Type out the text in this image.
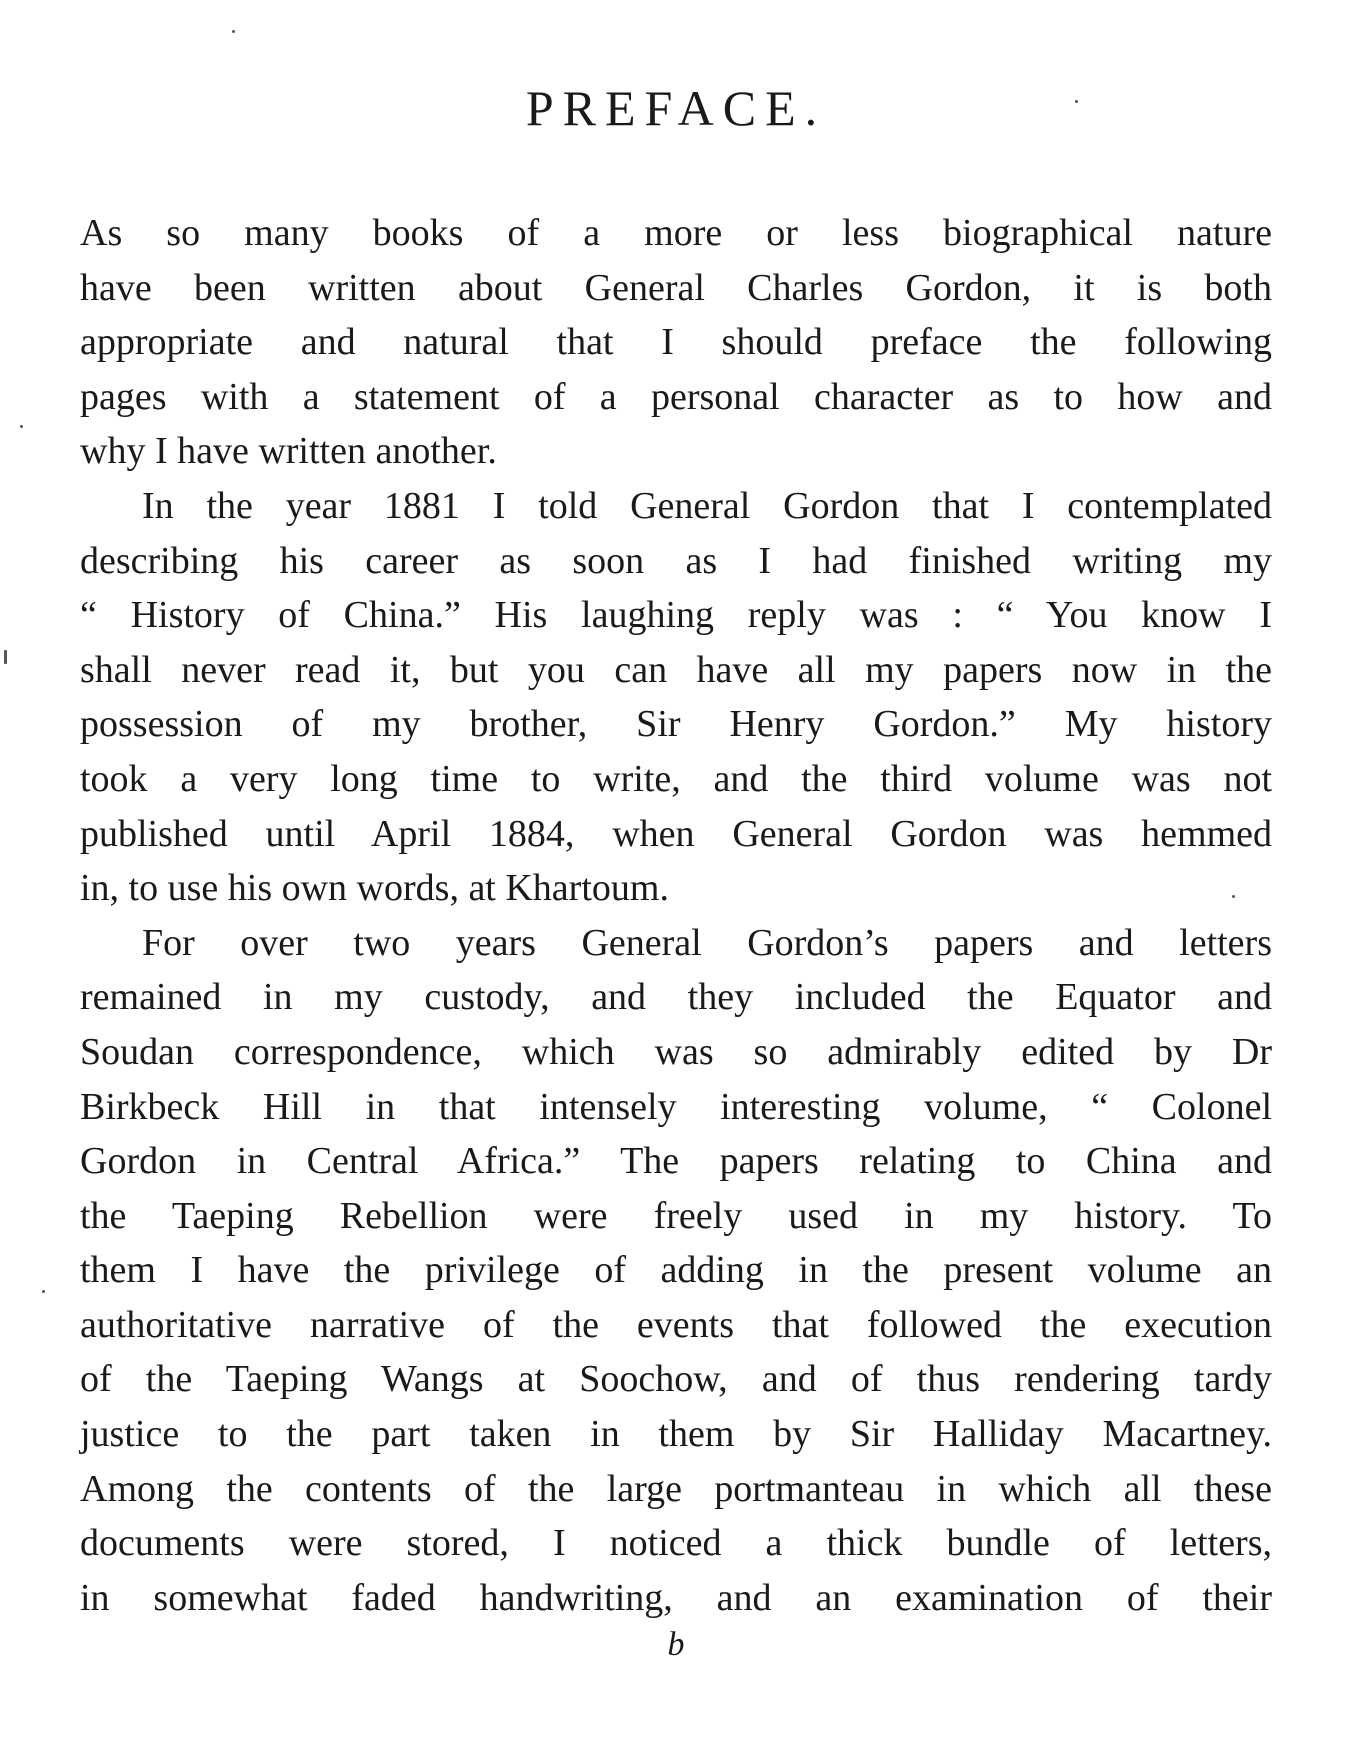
PREFACE.

As so many books of a more or less biographical nature
have been written about General Charles Gordon, it is both
appropriate and natural that I should preface the following
pages with a statement of a personal character as to how and
why I have written another.

In the year 1881 I told General Gordon that I contemplated
describing his career as soon as I had finished writing my
“ History of China.” His laughing reply was : “ You know I
shall never read it, but you can have all my papers now in the
possession of my brother, Sir Henry Gordon.” My history
took a very long time to write, and the third volume was not
published until April 1884, when General Gordon was hemmed
in, to use his own words, at Khartoum.

For over two years General Gordon’s papers and letters
remained in my custody, and they included the Equator and
Soudan correspondence, which was so admirably edited by Dr
Birkbeck Hill in that intensely interesting volume, “ Colonel
Gordon in Central Africa.” The papers relating to China and
the Taeping Rebellion were freely used in my history. To
them I have the privilege of adding in the present volume an
authoritative narrative of the events that followed the execution
of the Taeping Wangs at Soochow, and of thus rendering tardy
justice to the part taken in them by Sir Halliday Macartney.
Among the contents of the large portmanteau in which all these
documents were stored, I noticed a thick bundle of letters,
in somewhat faded handwriting, and an examination of their

b
